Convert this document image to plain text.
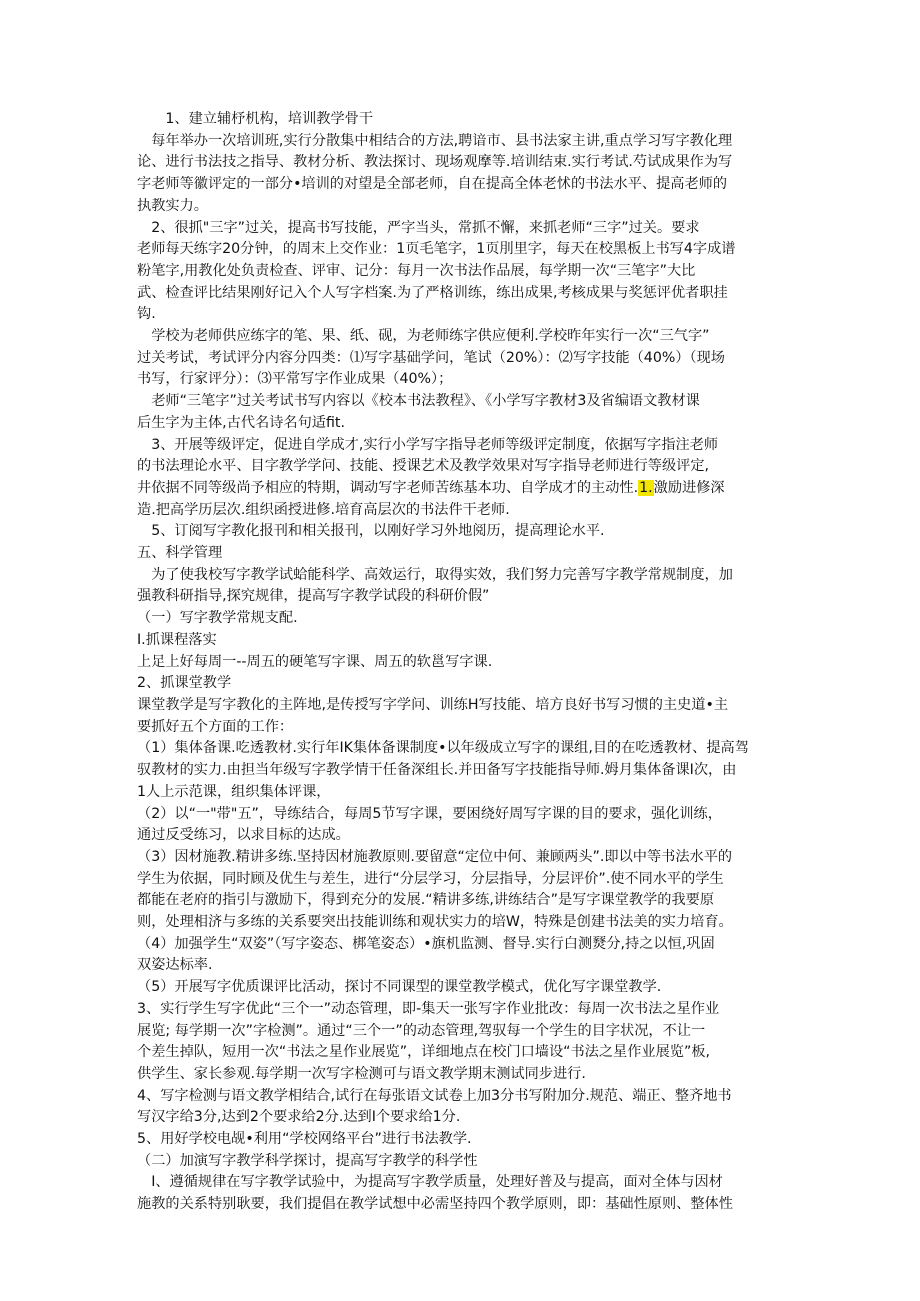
　　1、建立辅杼机构，培训教学骨干

　每年举办一次培训班,实行分散集中相结合的方法,聘谙市、县书法家主讲,重点学习写字教化理

论、进行书法技之指导、教材分析、教法探讨、现场观摩等.培训结束.实行考试.芍试成果作为写

字老师等徽评定的一部分•培训的对望是全部老师，自在提高全体老怵的书法水平、提高老师的

执教实力。

　2、很抓"三字”过关，提高书写技能，严字当头，常抓不懈，来抓老师“三字”过关。要求

老师每天练字20分钟，的周末上交作业：1页毛笔字，1页刖里字，每天在校黑板上书写4字成谱

粉笔字,用教化处负责检查、评审、记分：每月一次书法作品展，每学期一次“三笔字”大比

武、检查评比结果刚好记入个人写字档案.为了严格训练，练出成果,考核成果与奖惩评优者职挂

钩.

　学校为老师供应练字的笔、果、纸、砚，为老师练字供应便利.学校昨年实行一次“三气字”

过关考试，考试评分内容分四类：⑴写字基础学问，笔试（20%）：⑵写字技能（40%）（现场

书写，行家评分）：⑶平常写字作业成果（40%）；

　老师“三笔字”过关考试书写内容以《校本书法教程》、《小学写字教材3及省编语文教材课

后生字为主体,古代名诗名句适fit.

　3、开展等级评定，促进自学成才,实行小学写字指导老师等级评定制度，依据写字指注老师

的书法理论水平、目字教学学问、技能、授课艺术及教学效果对写字指导老师进行等级评定,

井依据不同等级尚予相应的特期，调动写字老师苦练基本功、自学成才的主动性.1.激励进修深

造.把高学历层次.组织函授进修.培育高层次的书法件干老师.

　5、订阅写字教化报刊和相关报刊，以刚好学习外地阅历，提高理论水平.

五、科学管理

　为了使我校写字教学试蛤能科学、高效运行，取得实效，我们努力完善写字教学常规制度，加

强教科研指导,探究规律，提高写字教学试段的科研价假”

（一）写字教学常规支配.

I.抓课程落实

上足上好每周一--周五的硬笔写字课、周五的软邕写字课.

2、抓课堂教学

课堂教学是写字教化的主阵地,是传授写字学问、训练H写技能、培方良好书写习惯的主史道•主

要抓好五个方面的工作：

（1）集体备课.吃透教材.实行年IK集体备课制度•以年级成立写字的课组,目的在吃透教材、提高驾

驭教材的实力.由担当年级写字教学情干任备深组长.并田备写字技能指导师.姆月集体备课I次，由

1人上示范课，组织集体评课，

（2）以“一"带"五”，导练结合，每周5节写字课，要困绕好周写字课的目的要求，强化训练，

通过反受练习，以求目标的达成。

（3）因材施教.精讲多练.坚持因材施教原则.要留意“定位中何、兼顾两头”.即以中等书法水平的

学生为依据，同时顾及优生与差生，进行“分层学习，分层指导，分层评价”.使不同水平的学生

都能在老府的指引与激励下，得到充分的发展.“精讲多练,讲练结合”是写字课堂教学的我要原

则，处理相济与多练的关系要突出技能训练和观状实力的培W，特殊是创建书法美的实力培育。

（4）加强学生“双姿”（写字姿态、梆笔姿态）•旗机监测、督导.实行白测燹分,持之以恒,巩固

双姿达标率.

（5）开展写字优质课评比活动，探讨不同课型的课堂教学模式，优化写字课堂教学.

3、实行学生写字优此“三个一”动态管理，即-集天一张写字作业批改：每周一次书法之星作业

展览; 每学期一次”字检测”。通过“三个一”的动态管理,驾驭每一个学生的目字状况，不让一

个差生掉队，短用一次“书法之星作业展览”，详细地点在校门口墙设“书法之星作业展览”板,

供学生、家长参观.每学期一次写字检测可与语文教学期末测试同步进行.

4、写字检测与语文教学相结合,试行在每张语文试卷上加3分书写附加分.规范、端正、整齐地书

写汉字给3分,达到2个要求给2分.达到I个要求给1分.

5、用好学校电觇•利用“学校网络平台”进行书法教学.

（二）加演写字教学科学探讨，提高写字教学的科学性

　I、遵循规律在写字教学试验中，为提高写字教学质量，处理好普及与提高，面对全体与因材

施教的关系特别耿要，我们提倡在教学试想中必需坚持四个教学原则，即：基础性原则、整体性
